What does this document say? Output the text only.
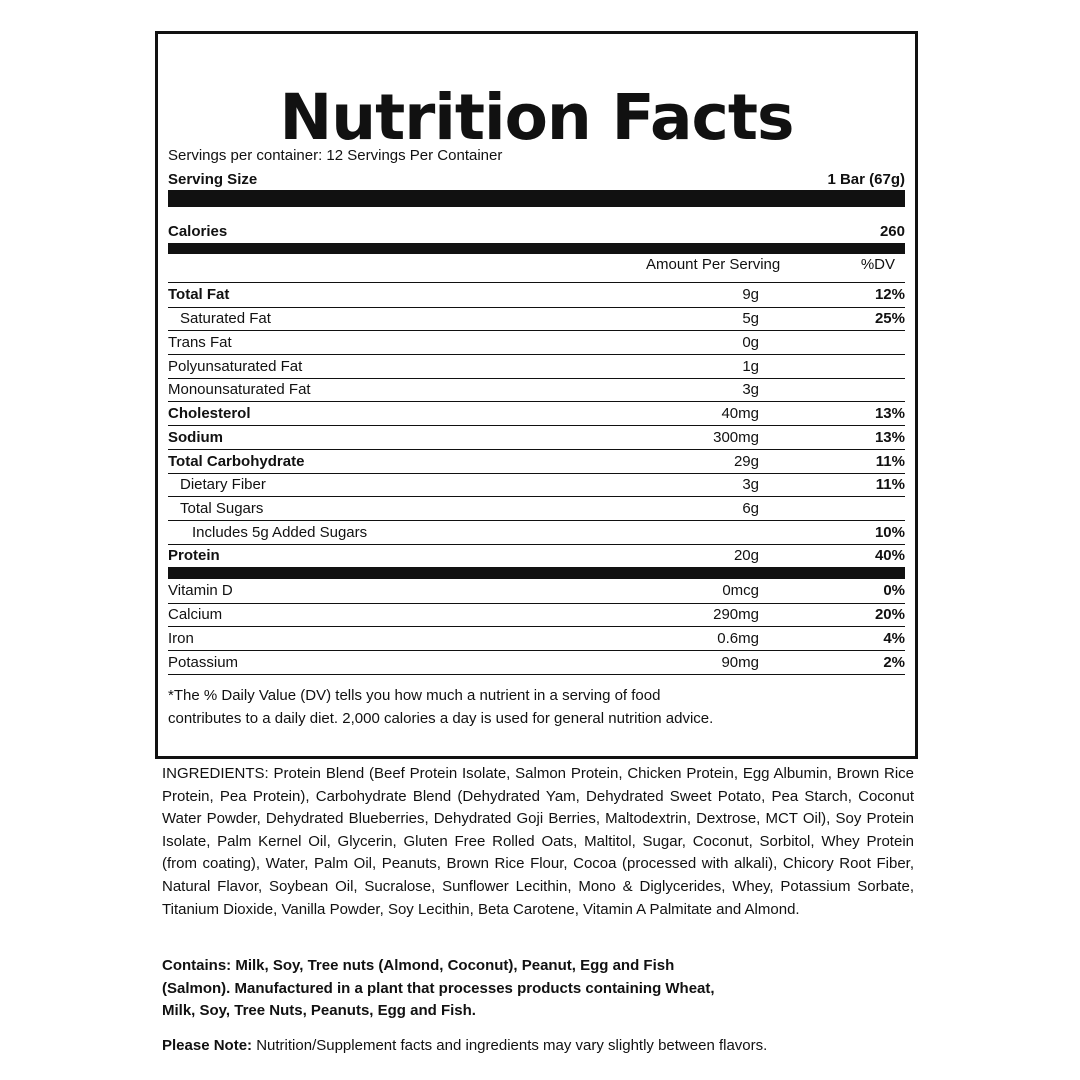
Nutrition Facts
Servings per container: 12 Servings Per Container
Serving Size	1 Bar (67g)
Calories	260
Amount Per Serving	%DV
Total Fat	9g	12%
Saturated Fat	5g	25%
Trans Fat	0g
Polyunsaturated Fat	1g
Monounsaturated Fat	3g
Cholesterol	40mg	13%
Sodium	300mg	13%
Total Carbohydrate	29g	11%
Dietary Fiber	3g	11%
Total Sugars	6g
Includes 5g Added Sugars	10%
Protein	20g	40%
Vitamin D	0mcg	0%
Calcium	290mg	20%
Iron	0.6mg	4%
Potassium	90mg	2%
*The % Daily Value (DV) tells you how much a nutrient in a serving of food contributes to a daily diet. 2,000 calories a day is used for general nutrition advice.
INGREDIENTS: Protein Blend (Beef Protein Isolate, Salmon Protein, Chicken Protein, Egg Albumin, Brown Rice Protein, Pea Protein), Carbohydrate Blend (Dehydrated Yam, Dehydrated Sweet Potato, Pea Starch, Coconut Water Powder, Dehydrated Blueberries, Dehydrated Goji Berries, Maltodextrin, Dextrose, MCT Oil), Soy Protein Isolate, Palm Kernel Oil, Glycerin, Gluten Free Rolled Oats, Maltitol, Sugar, Coconut, Sorbitol, Whey Protein (from coating), Water, Palm Oil, Peanuts, Brown Rice Flour, Cocoa (processed with alkali), Chicory Root Fiber, Natural Flavor, Soybean Oil, Sucralose, Sunflower Lecithin, Mono & Diglycerides, Whey, Potassium Sorbate, Titanium Dioxide, Vanilla Powder, Soy Lecithin, Beta Carotene, Vitamin A Palmitate and Almond.
Contains: Milk, Soy, Tree nuts (Almond, Coconut), Peanut, Egg and Fish (Salmon). Manufactured in a plant that processes products containing Wheat, Milk, Soy, Tree Nuts, Peanuts, Egg and Fish.
Please Note: Nutrition/Supplement facts and ingredients may vary slightly between flavors.
